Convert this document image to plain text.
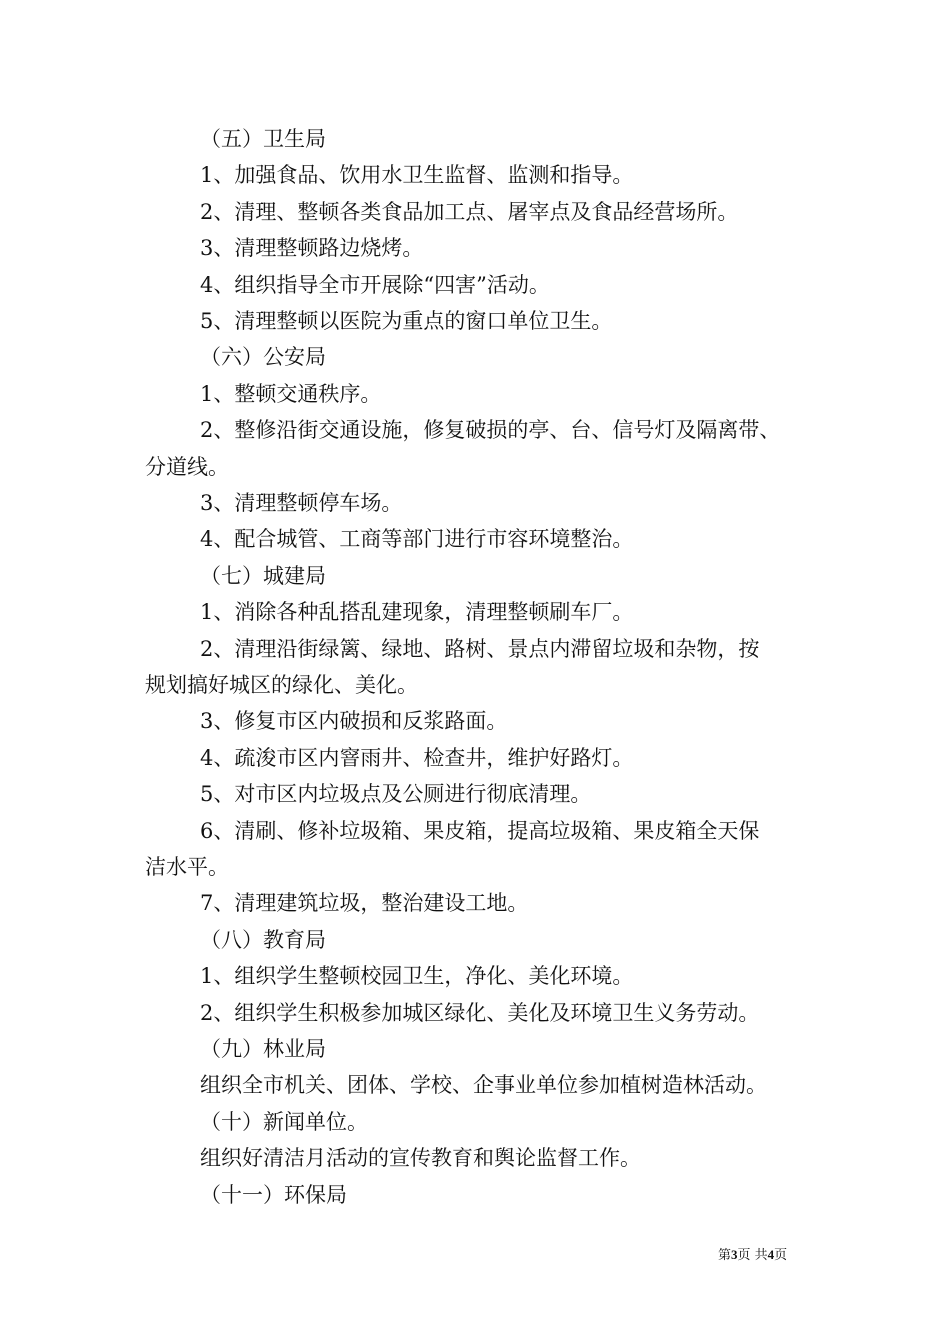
（五）卫生局
1、加强食品、饮用水卫生监督、监测和指导。
2、清理、整顿各类食品加工点、屠宰点及食品经营场所。
3、清理整顿路边烧烤。
4、组织指导全市开展除“四害”活动。
5、清理整顿以医院为重点的窗口单位卫生。
（六）公安局
1、整顿交通秩序。
2、整修沿街交通设施，修复破损的亭、台、信号灯及隔离带、
分道线。
3、清理整顿停车场。
4、配合城管、工商等部门进行市容环境整治。
（七）城建局
1、消除各种乱搭乱建现象，清理整顿刷车厂。
2、清理沿街绿篱、绿地、路树、景点内滞留垃圾和杂物，按
规划搞好城区的绿化、美化。
3、修复市区内破损和反浆路面。
4、疏浚市区内窨雨井、检查井，维护好路灯。
5、对市区内垃圾点及公厕进行彻底清理。
6、清刷、修补垃圾箱、果皮箱，提高垃圾箱、果皮箱全天保
洁水平。
7、清理建筑垃圾，整治建设工地。
（八）教育局
1、组织学生整顿校园卫生，净化、美化环境。
2、组织学生积极参加城区绿化、美化及环境卫生义务劳动。
（九）林业局
组织全市机关、团体、学校、企事业单位参加植树造林活动。
（十）新闻单位。
组织好清洁月活动的宣传教育和舆论监督工作。
（十一）环保局
第3页 共4页
